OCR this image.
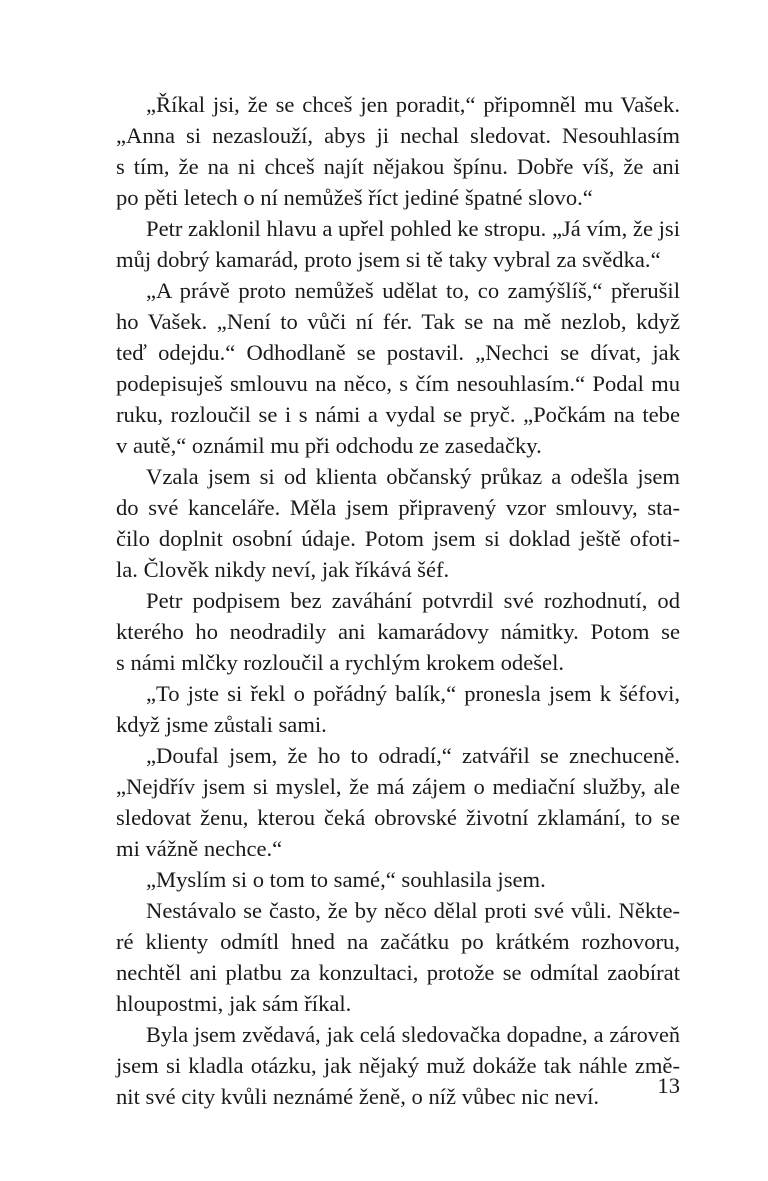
„Říkal jsi, že se chceš jen poradit,“ připomněl mu Vašek.
„Anna si nezaslouží, abys ji nechal sledovat. Nesouhlasím
s tím, že na ni chceš najít nějakou špínu. Dobře víš, že ani
po pěti letech o ní nemůžeš říct jediné špatné slovo.“
Petr zaklonil hlavu a upřel pohled ke stropu. „Já vím, že jsi
můj dobrý kamarád, proto jsem si tě taky vybral za svědka.“
„A právě proto nemůžeš udělat to, co zamýšlíš,“ přerušil
ho Vašek. „Není to vůči ní fér. Tak se na mě nezlob, když
teď odejdu.“ Odhodlaně se postavil. „Nechci se dívat, jak
podepisuješ smlouvu na něco, s čím nesouhlasím.“ Podal mu
ruku, rozloučil se i s námi a vydal se pryč. „Počkám na tebe
v autě,“ oznámil mu při odchodu ze zasedačky.
Vzala jsem si od klienta občanský průkaz a odešla jsem
do své kanceláře. Měla jsem připravený vzor smlouvy, sta-
čilo doplnit osobní údaje. Potom jsem si doklad ještě ofoti-
la. Člověk nikdy neví, jak říkává šéf.
Petr podpisem bez zaváhání potvrdil své rozhodnutí, od
kterého ho neodradily ani kamarádovy námitky. Potom se
s námi mlčky rozloučil a rychlým krokem odešel.
„To jste si řekl o pořádný balík,“ pronesla jsem k šéfovi,
když jsme zůstali sami.
„Doufal jsem, že ho to odradí,“ zatvářil se znechuceně.
„Nejdřív jsem si myslel, že má zájem o mediační služby, ale
sledovat ženu, kterou čeká obrovské životní zklamání, to se
mi vážně nechce.“
„Myslím si o tom to samé,“ souhlasila jsem.
Nestávalo se často, že by něco dělal proti své vůli. Někte-
ré klienty odmítl hned na začátku po krátkém rozhovoru,
nechtěl ani platbu za konzultaci, protože se odmítal zaobírat
hloupostmi, jak sám říkal.
Byla jsem zvědavá, jak celá sledovačka dopadne, a zároveň
jsem si kladla otázku, jak nějaký muž dokáže tak náhle změ-
nit své city kvůli neznámé ženě, o níž vůbec nic neví.	13
